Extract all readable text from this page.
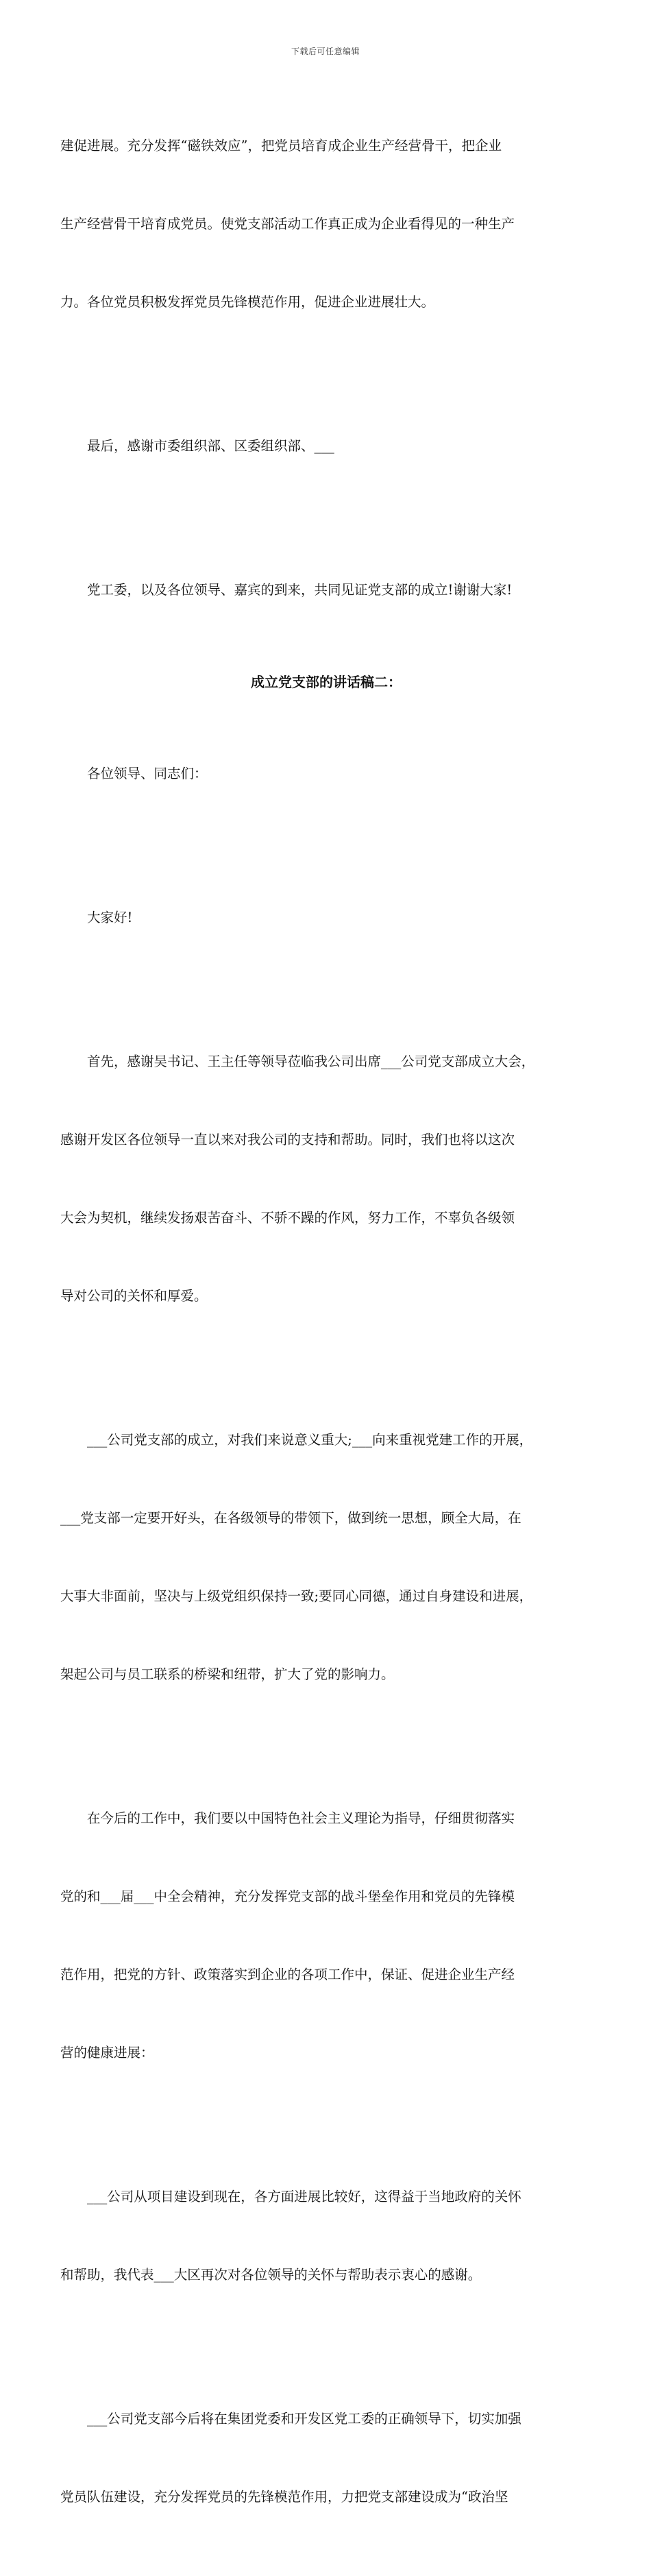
下载后可任意编辑

建促进展。充分发挥“磁铁效应”，把党员培育成企业生产经营骨干，把企业

生产经营骨干培育成党员。使党支部活动工作真正成为企业看得见的一种生产

力。各位党员积极发挥党员先锋模范作用，促进企业进展壮大。

最后，感谢市委组织部、区委组织部、___

党工委，以及各位领导、嘉宾的到来，共同见证党支部的成立!谢谢大家!

成立党支部的讲话稿二：

各位领导、同志们：

大家好!

首先，感谢吴书记、王主任等领导莅临我公司出席___公司党支部成立大会，

感谢开发区各位领导一直以来对我公司的支持和帮助。同时，我们也将以这次

大会为契机，继续发扬艰苦奋斗、不骄不躁的作风，努力工作，不辜负各级领

导对公司的关怀和厚爱。

___公司党支部的成立，对我们来说意义重大;___向来重视党建工作的开展，

___党支部一定要开好头，在各级领导的带领下，做到统一思想，顾全大局，在

大事大非面前，坚决与上级党组织保持一致;要同心同德，通过自身建设和进展，

架起公司与员工联系的桥梁和纽带，扩大了党的影响力。

在今后的工作中，我们要以中国特色社会主义理论为指导，仔细贯彻落实

党的和___届___中全会精神，充分发挥党支部的战斗堡垒作用和党员的先锋模

范作用，把党的方针、政策落实到企业的各项工作中，保证、促进企业生产经

营的健康进展：

___公司从项目建设到现在，各方面进展比较好，这得益于当地政府的关怀

和帮助，我代表___大区再次对各位领导的关怀与帮助表示衷心的感谢。

___公司党支部今后将在集团党委和开发区党工委的正确领导下，切实加强

党员队伍建设，充分发挥党员的先锋模范作用，力把党支部建设成为“政治坚
